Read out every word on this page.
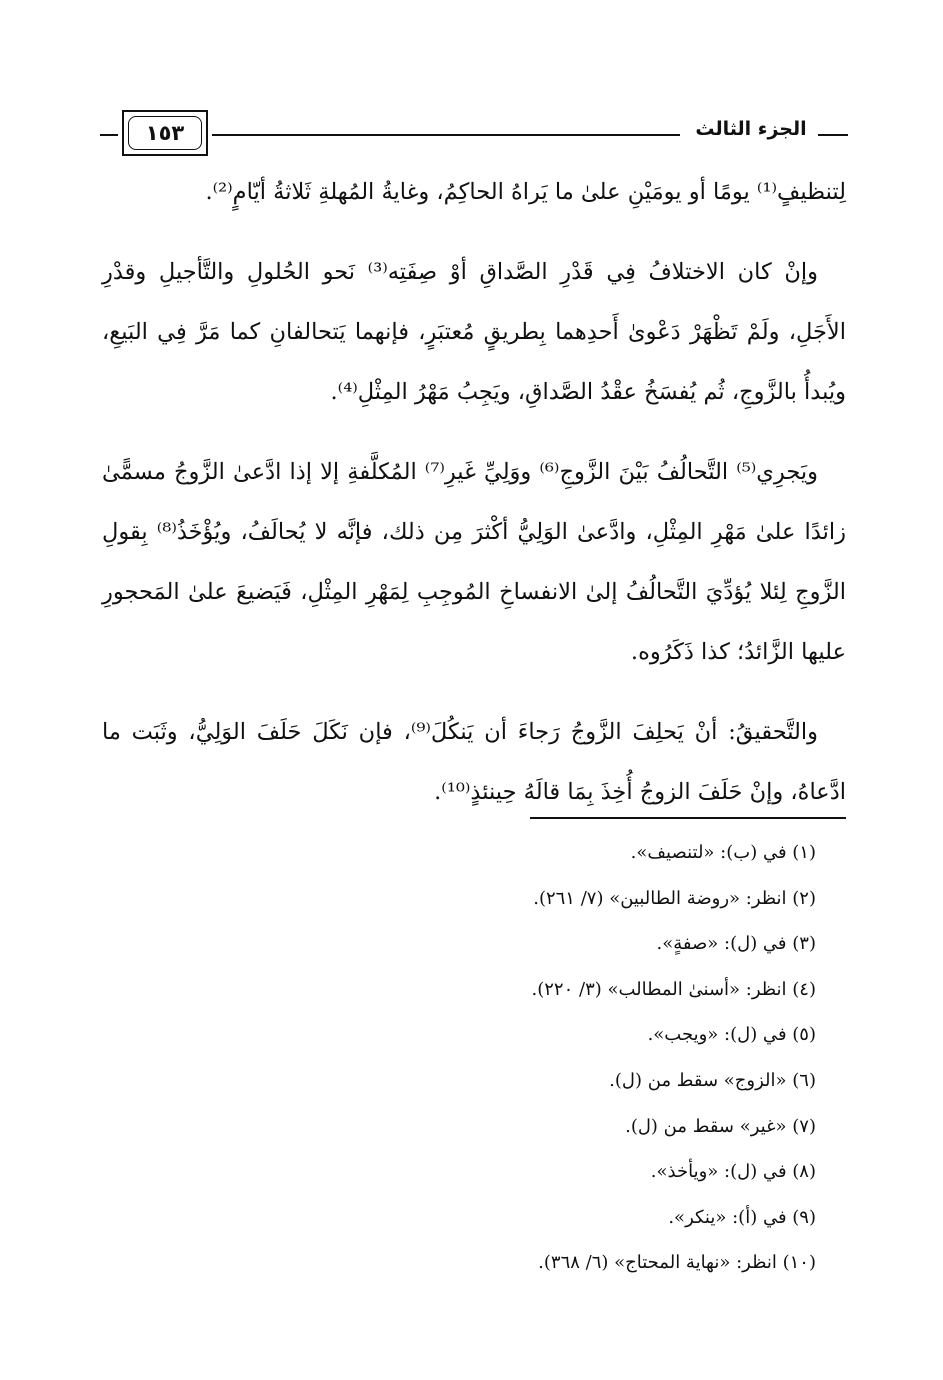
١٥٣	الجزء الثالث

لِتنظيفٍ⁽¹⁾ يومًا أو يومَيْنِ علىٰ ما يَراهُ الحاكِمُ، وغايةُ المُهلةِ ثَلاثةُ أيّامٍ⁽²⁾.

وإنْ كان الاختلافُ فِي قَدْرِ الصَّداقِ أوْ صِفَتِه⁽³⁾ نَحو الحُلولِ والتَّأجيلِ وقدْرِ الأَجَلِ، ولَمْ تَظْهَرْ دَعْوىٰ أَحدِهما بِطريقٍ مُعتبَرٍ، فإنهما يَتحالفانِ كما مَرَّ فِي البَيعِ، ويُبدأُ بالزَّوجِ، ثُم يُفسَخُ عقْدُ الصَّداقِ، ويَجِبُ مَهْرُ المِثْلِ⁽⁴⁾.

ويَجرِي⁽⁵⁾ التَّحالُفُ بَيْنَ الزَّوجِ⁽⁶⁾ ووَلِيِّ غَيرِ⁽⁷⁾ المُكلَّفةِ إلا إذا ادَّعىٰ الزَّوجُ مسمًّىٰ زائدًا علىٰ مَهْرِ المِثْلِ، وادَّعىٰ الوَلِيُّ أكْثرَ مِن ذلك، فإنَّه لا يُحالَفُ، ويُؤْخَذُ⁽⁸⁾ بِقولِ الزَّوجِ لِئلا يُؤدِّيَ التَّحالُفُ إلىٰ الانفساخِ المُوجِبِ لِمَهْرِ المِثْلِ، فَيَضيعَ علىٰ المَحجورِ عليها الزَّائدُ؛ كذا ذَكَرُوه.

والتَّحقيقُ: أنْ يَحلِفَ الزَّوجُ رَجاءَ أن يَنكُلَ⁽⁹⁾، فإن نَكَلَ حَلَفَ الوَلِيُّ، وثَبَت ما ادَّعاهُ، وإنْ حَلَفَ الزوجُ أُخِذَ بِمَا قالَهُ حِينئذٍ⁽¹⁰⁾.

(١) في (ب): «لتنصيف».
(٢) انظر: «روضة الطالبين» (٧/ ٢٦١).
(٣) في (ل): «صفةٍ».
(٤) انظر: «أسنىٰ المطالب» (٣/ ٢٢٠).
(٥) في (ل): «ويجب».
(٦) «الزوج» سقط من (ل).
(٧) «غير» سقط من (ل).
(٨) في (ل): «ويأخذ».
(٩) في (أ): «ينكر».
(١٠) انظر: «نهاية المحتاج» (٦/ ٣٦٨).
